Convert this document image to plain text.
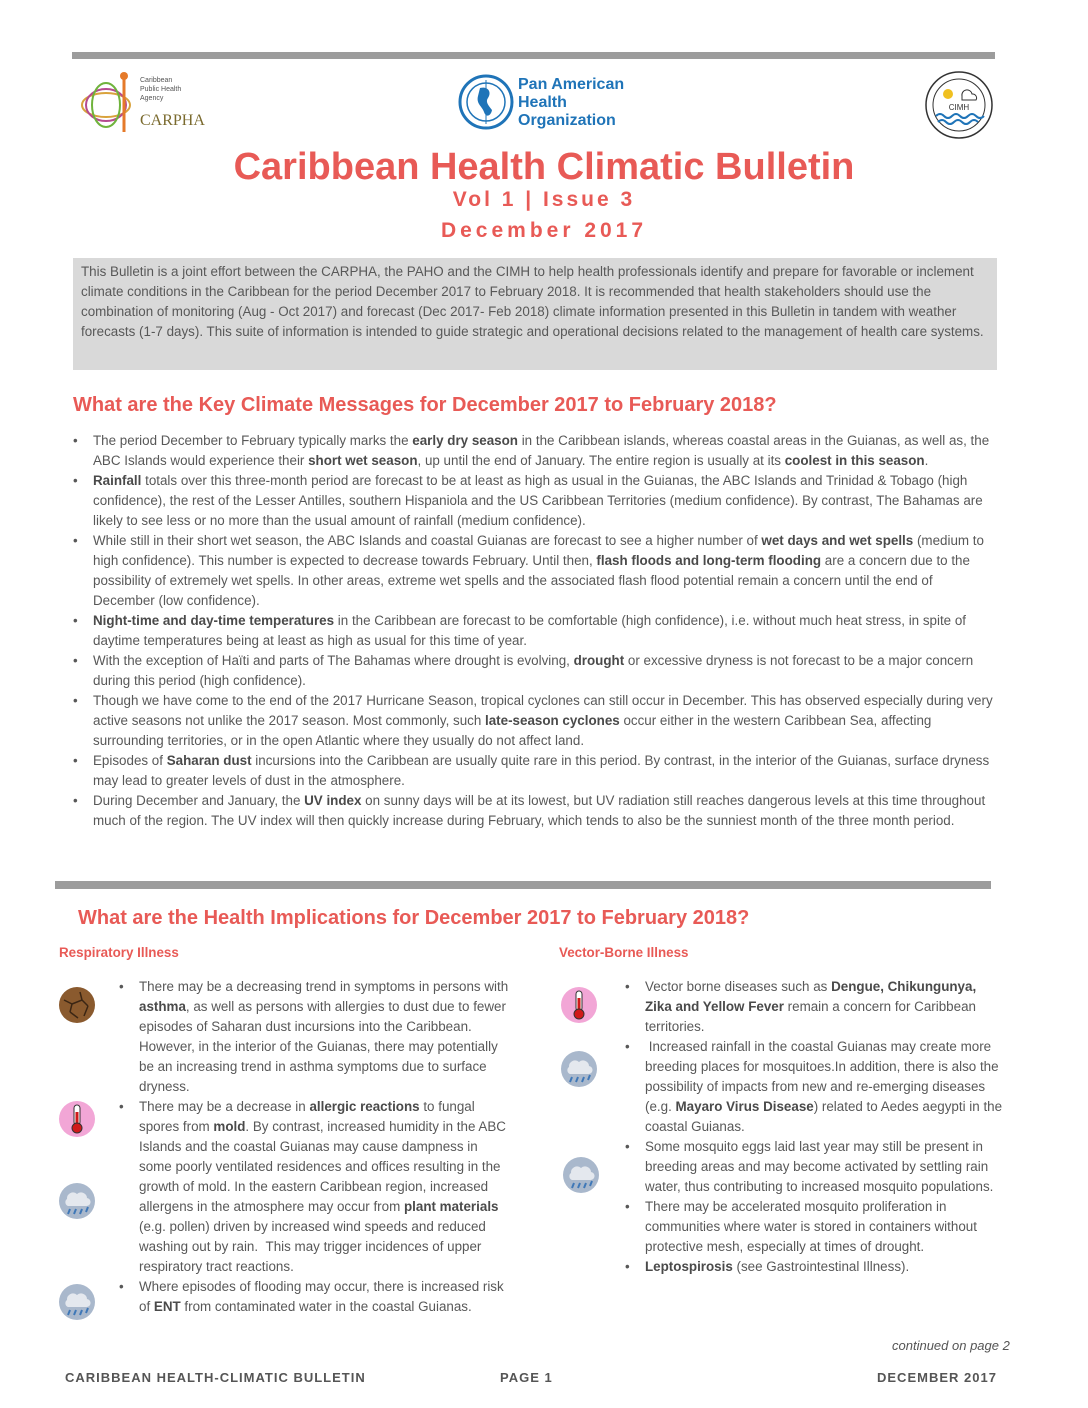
Caribbean
Public Health
Agency
CARPHA
Pan American
Health
Organization
CIMH
Caribbean Health Climatic Bulletin
Vol 1 | Issue 3
December 2017
This Bulletin is a joint effort between the CARPHA, the PAHO and the CIMH to help health professionals identify and prepare for favorable or inclement climate conditions in the Caribbean for the period December 2017 to February 2018. It is recommended that health stakeholders should use the combination of monitoring (Aug - Oct 2017) and forecast (Dec 2017- Feb 2018) climate information presented in this Bulletin in tandem with weather forecasts (1-7 days). This suite of information is intended to guide strategic and operational decisions related to the management of health care systems.
What are the Key Climate Messages for December 2017 to February 2018?
• The period December to February typically marks the early dry season in the Caribbean islands, whereas coastal areas in the Guianas, as well as, the ABC Islands would experience their short wet season, up until the end of January. The entire region is usually at its coolest in this season.
• Rainfall totals over this three-month period are forecast to be at least as high as usual in the Guianas, the ABC Islands and Trinidad & Tobago (high confidence), the rest of the Lesser Antilles, southern Hispaniola and the US Caribbean Territories (medium confidence). By contrast, The Bahamas are likely to see less or no more than the usual amount of rainfall (medium confidence).
• While still in their short wet season, the ABC Islands and coastal Guianas are forecast to see a higher number of wet days and wet spells (medium to high confidence). This number is expected to decrease towards February. Until then, flash floods and long-term flooding are a concern due to the possibility of extremely wet spells. In other areas, extreme wet spells and the associated flash flood potential remain a concern until the end of December (low confidence).
• Night-time and day-time temperatures in the Caribbean are forecast to be comfortable (high confidence), i.e. without much heat stress, in spite of daytime temperatures being at least as high as usual for this time of year.
• With the exception of Haïti and parts of The Bahamas where drought is evolving, drought or excessive dryness is not forecast to be a major concern during this period (high confidence).
• Though we have come to the end of the 2017 Hurricane Season, tropical cyclones can still occur in December. This has observed especially during very active seasons not unlike the 2017 season. Most commonly, such late-season cyclones occur either in the western Caribbean Sea, affecting surrounding territories, or in the open Atlantic where they usually do not affect land.
• Episodes of Saharan dust incursions into the Caribbean are usually quite rare in this period. By contrast, in the interior of the Guianas, surface dryness may lead to greater levels of dust in the atmosphere.
• During December and January, the UV index on sunny days will be at its lowest, but UV radiation still reaches dangerous levels at this time throughout much of the region. The UV index will then quickly increase during February, which tends to also be the sunniest month of the three month period.
What are the Health Implications for December 2017 to February 2018?
Respiratory Illness	Vector-Borne Illness
• There may be a decreasing trend in symptoms in persons with asthma, as well as persons with allergies to dust due to fewer episodes of Saharan dust incursions into the Caribbean. However, in the interior of the Guianas, there may potentially be an increasing trend in asthma symptoms due to surface dryness.
• There may be a decrease in allergic reactions to fungal spores from mold. By contrast, increased humidity in the ABC Islands and the coastal Guianas may cause dampness in some poorly ventilated residences and offices resulting in the growth of mold. In the eastern Caribbean region, increased allergens in the atmosphere may occur from plant materials (e.g. pollen) driven by increased wind speeds and reduced washing out by rain.  This may trigger incidences of upper respiratory tract reactions.
• Where episodes of flooding may occur, there is increased risk of ENT from contaminated water in the coastal Guianas.
• Vector borne diseases such as Dengue, Chikungunya, Zika and Yellow Fever remain a concern for Caribbean territories.
•  Increased rainfall in the coastal Guianas may create more breeding places for mosquitoes.In addition, there is also the possibility of impacts from new and re-emerging diseases (e.g. Mayaro Virus Disease) related to Aedes aegypti in the coastal Guianas.
• Some mosquito eggs laid last year may still be present in breeding areas and may become activated by settling rain water, thus contributing to increased mosquito populations.
• There may be accelerated mosquito proliferation in communities where water is stored in containers without protective mesh, especially at times of drought.
• Leptospirosis (see Gastrointestinal Illness).
continued on page 2
CARIBBEAN HEALTH-CLIMATIC BULLETIN	PAGE 1	DECEMBER 2017
